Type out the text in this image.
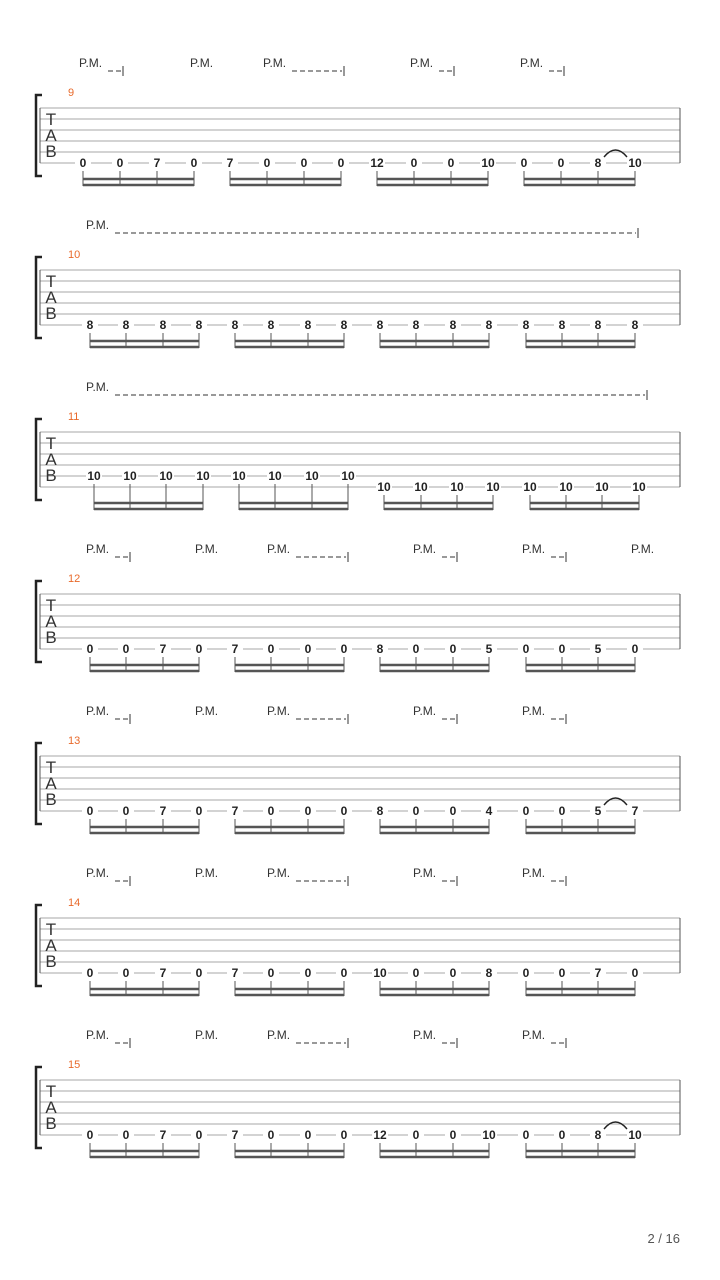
P.M.	P.M.	P.M.	P.M.	P.M.
9
T
A
B
0	0	7	0 7	0	0	0 12 0	0 10 0	0	8 10
P.M.
10
T
A
B
8 8	8 8 8 8	8 8 8 8	8 8	8 8 8	8
P.M.
11
T
A
B	10 10 10 10 10 10 10 10
10 10 10 10 10 10 10 10
P.M.	P.M.	P.M.	P.M.	P.M.	P.M.
12
T
A
B
0 0	7 0 7 0	0 0 8 0	0 5	0 0 5	0
P.M.	P.M.	P.M.	P.M.	P.M.
13
T
A
B
0 0	7 0 7 0	0 0 8 0	0 4	0 0 5	7
P.M.	P.M.	P.M.	P.M.	P.M.
14
T
A
B
0 0	7 0 7 0	0 0 10 0	0 8	0 0 7	0
P.M.	P.M.	P.M.	P.M.	P.M.
15
T
A
B
0 0	7 0 7 0	0 0 12 0	0 10 0 0 8 10
2 / 16
